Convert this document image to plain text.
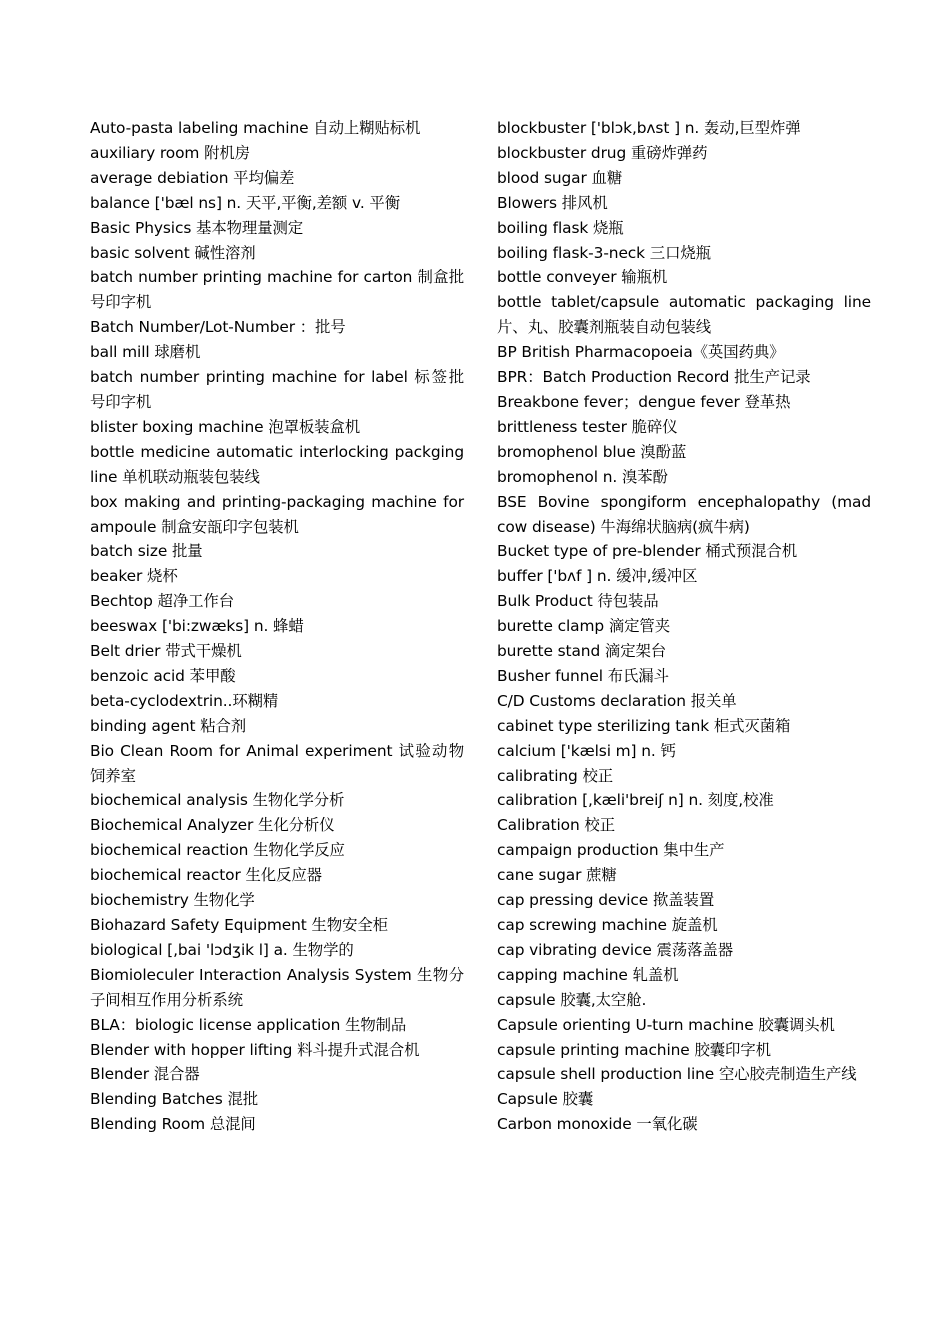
Auto-pasta labeling machine 自动上糊贴标机

auxiliary room 附机房

average debiation 平均偏差

balance ['bæl ns] n. 天平,平衡,差额 v. 平衡

Basic Physics 基本物理量测定

basic solvent 碱性溶剂

batch number printing machine for carton 制盒批号印字机

Batch Number/Lot-Number ：批号

ball mill 球磨机

batch number printing machine for label 标签批号印字机

blister boxing machine 泡罩板装盒机

bottle medicine automatic interlocking packging line 单机联动瓶装包装线

box making and printing-packaging machine for ampoule 制盒安瓿印字包装机

batch size 批量

beaker 烧杯

Bechtop 超净工作台

beeswax ['bi:zwæks] n. 蜂蜡

Belt drier 带式干燥机

benzoic acid 苯甲酸

beta-cyclodextrin..环糊精

binding agent 粘合剂

Bio Clean Room for Animal experiment 试验动物饲养室

biochemical analysis 生物化学分析

Biochemical Analyzer 生化分析仪

biochemical reaction 生物化学反应

biochemical reactor 生化反应器

biochemistry 生物化学

Biohazard Safety Equipment 生物安全柜

biological [,bai 'lɔdʒik l] a. 生物学的

Biomioleculer Interaction Analysis System 生物分子间相互作用分析系统

BLA：biologic license application 生物制品

Blender with hopper lifting 料斗提升式混合机

Blender 混合器

Blending Batches 混批

Blending Room 总混间

blockbuster ['blɔk,bʌst ] n. 轰动,巨型炸弹

blockbuster drug 重磅炸弹药

blood sugar 血糖

Blowers 排风机

boiling flask 烧瓶

boiling flask-3-neck 三口烧瓶

bottle conveyer 输瓶机

bottle tablet/capsule automatic packaging line 片、丸、胶囊剂瓶装自动包装线

BP British Pharmacopoeia《英国药典》

BPR：Batch Production Record 批生产记录

Breakbone fever；dengue fever 登革热

brittleness tester 脆碎仪

bromophenol blue 溴酚蓝

bromophenol n. 溴苯酚

BSE Bovine spongiform encephalopathy (mad cow disease) 牛海绵状脑病(疯牛病)

Bucket type of pre-blender 桶式预混合机

buffer ['bʌf ] n. 缓冲,缓冲区

Bulk Product 待包装品

burette clamp 滴定管夹

burette stand 滴定架台

Busher funnel 布氏漏斗

C/D Customs declaration 报关单

cabinet type sterilizing tank 柜式灭菌箱

calcium ['kælsi m] n. 钙

calibrating 校正

calibration [,kæli'breiʃ n] n. 刻度,校准

Calibration 校正

campaign production 集中生产

cane sugar 蔗糖

cap pressing device 揿盖装置

cap screwing machine 旋盖机

cap vibrating device 震荡落盖器

capping machine 轧盖机

capsule 胶囊,太空舱.

Capsule orienting U-turn machine 胶囊调头机

capsule printing machine 胶囊印字机

capsule shell production line 空心胶壳制造生产线

Capsule 胶囊

Carbon monoxide 一氧化碳
